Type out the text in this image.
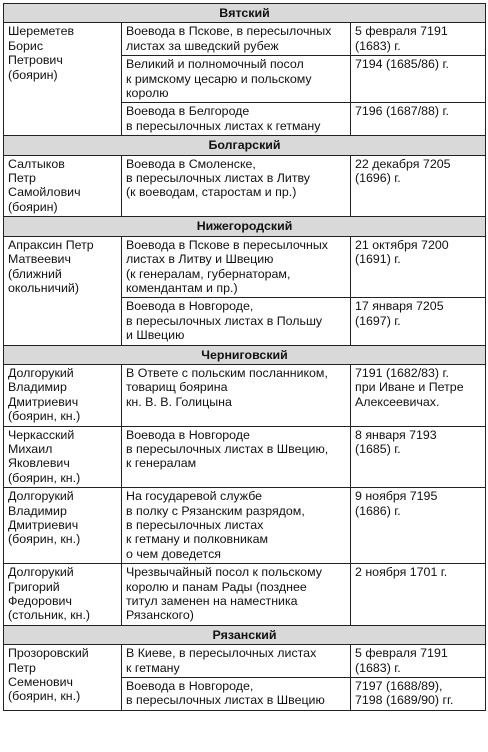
Вятский		
Шереметев
Борис
Петрович
(боярин)	Воевода в Пскове, в пересылочных
листах за шведский рубеж	5 февраля 7191
(1683) г.
	Великий и полномочный посол
к римскому цесарю и польскому
королю	7194 (1685/86) г.
	Воевода в Белгороде
в пересылочных листах к гетману	7196 (1687/88) г.
Болгарский		
Салтыков
Петр
Самойлович
(боярин)	Воевода в Смоленске,
в пересылочных листах в Литву
(к воеводам, старостам и пр.)	22 декабря 7205
(1696) г.
Нижегородский		
Апраксин Петр
Матвеевич
(ближний
окольничий)	Воевода в Пскове в пересылочных
листах в Литву и Швецию
(к генералам, губернаторам,
комендантам и пр.)	21 октября 7200
(1691) г.
	Воевода в Новгороде,
в пересылочных листах в Польшу
и Швецию	17 января 7205
(1697) г.
Черниговский		
Долгорукий
Владимир
Дмитриевич
(боярин, кн.)	В Ответе с польским посланником,
товарищ боярина
кн. В. В. Голицына	7191 (1682/83) г.
при Иване и Петре
Алексеевичах.
Черкасский
Михаил
Яковлевич
(боярин, кн.)	Воевода в Новгороде
в пересылочных листах в Швецию,
к генералам	8 января 7193
(1685) г.
Долгорукий
Владимир
Дмитриевич
(боярин, кн.)	На государевой службе
в полку с Рязанским разрядом,
в пересылочных листах
к гетману и полковникам
о чем доведется	9 ноября 7195
(1686) г.
Долгорукий
Григорий
Федорович
(стольник, кн.)	Чрезвычайный посол к польскому
королю и панам Рады (позднее
титул заменен на наместника
Рязанского)	2 ноября 1701 г.
Рязанский		
Прозоровский
Петр
Семенович
(боярин, кн.)	В Киеве, в пересылочных листах
к гетману	5 февраля 7191
(1683) г.
	Воевода в Новгороде,
в пересылочных листах в Швецию	7197 (1688/89),
7198 (1689/90) гг.
